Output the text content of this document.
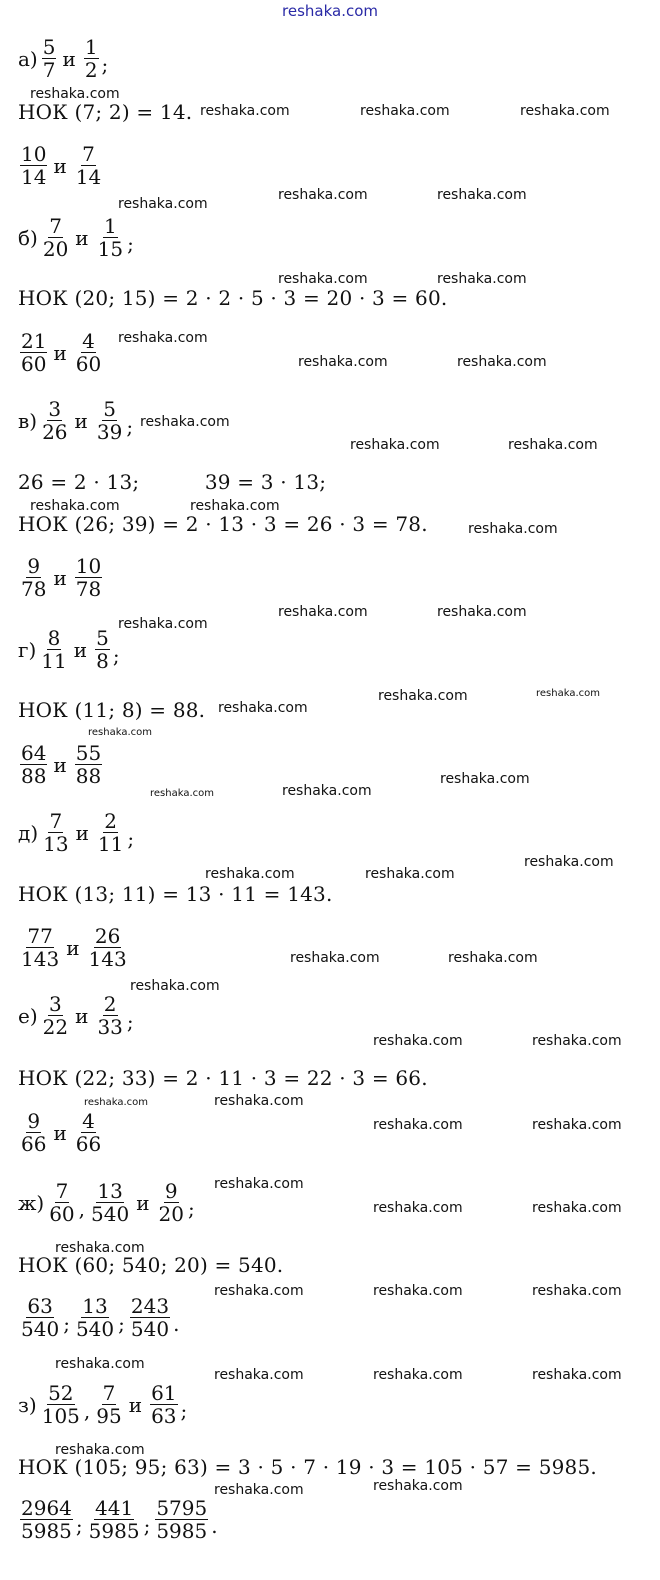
reshaka.com
$а) \frac{5}{7}$ и $\frac{1}{2}$ ;
НОК (7; 2) = 14.
$\frac{10}{14}$ и $\frac{7}{14}$
$б) \frac{7}{20}$ и $\frac{1}{15}$ ;
НОК (20; 15) = 2 · 2 · 5 · 3 = 20 · 3 = 60.
$\frac{21}{60}$ и $\frac{4}{60}$
$в) \frac{3}{26}$ и $\frac{5}{39}$ ;
26 = 2 · 13;          39 = 3 · 13;
НОК (26; 39) = 2 · 13 · 3 = 26 · 3 = 78.
$\frac{9}{78}$ и $\frac{10}{78}$
$г) \frac{8}{11}$ и $\frac{5}{8}$ ;
НОК (11; 8) = 88.
$\frac{64}{88}$ и $\frac{55}{88}$
$д) \frac{7}{13}$ и $\frac{2}{11}$ ;
НОК (13; 11) = 13 · 11 = 143.
$\frac{77}{143}$ и $\frac{26}{143}$
$е) \frac{3}{22}$ и $\frac{2}{33}$ ;
НОК (22; 33) = 2 · 11 · 3 = 22 · 3 = 66.
$\frac{9}{66}$ и $\frac{4}{66}$
$ж) \frac{7}{60}$ , $\frac{13}{540}$ и $\frac{9}{20}$ ;
НОК (60; 540; 20) = 540.
$\frac{63}{540}$ ; $\frac{13}{540}$ ; $\frac{243}{540}$ .
$з) \frac{52}{105}$ , $\frac{7}{95}$ и $\frac{61}{63}$ ;
НОК (105; 95; 63) = 3 · 5 · 7 · 19 · 3 = 105 · 57 = 5985.
$\frac{2964}{5985}$ ; $\frac{441}{5985}$ ; $\frac{5795}{5985}$ .
reshaka.com
reshaka.com	reshaka.com	reshaka.com
reshaka.com
reshaka.com	reshaka.com
reshaka.com	reshaka.com
reshaka.com
reshaka.com	reshaka.com
reshaka.com
reshaka.com	reshaka.com
reshaka.com	reshaka.com
reshaka.com
reshaka.com
reshaka.com	reshaka.com
reshaka.com	reshaka.com
reshaka.com
reshaka.com
reshaka.com	reshaka.com
reshaka.com
reshaka.com	reshaka.com
reshaka.com
reshaka.com	reshaka.com
reshaka.com
reshaka.com	reshaka.com
reshaka.com	reshaka.com
reshaka.com	reshaka.com
reshaka.com
reshaka.com	reshaka.com
reshaka.com
reshaka.com	reshaka.com	reshaka.com
reshaka.com
reshaka.com	reshaka.com	reshaka.com
reshaka.com
reshaka.com	reshaka.com
